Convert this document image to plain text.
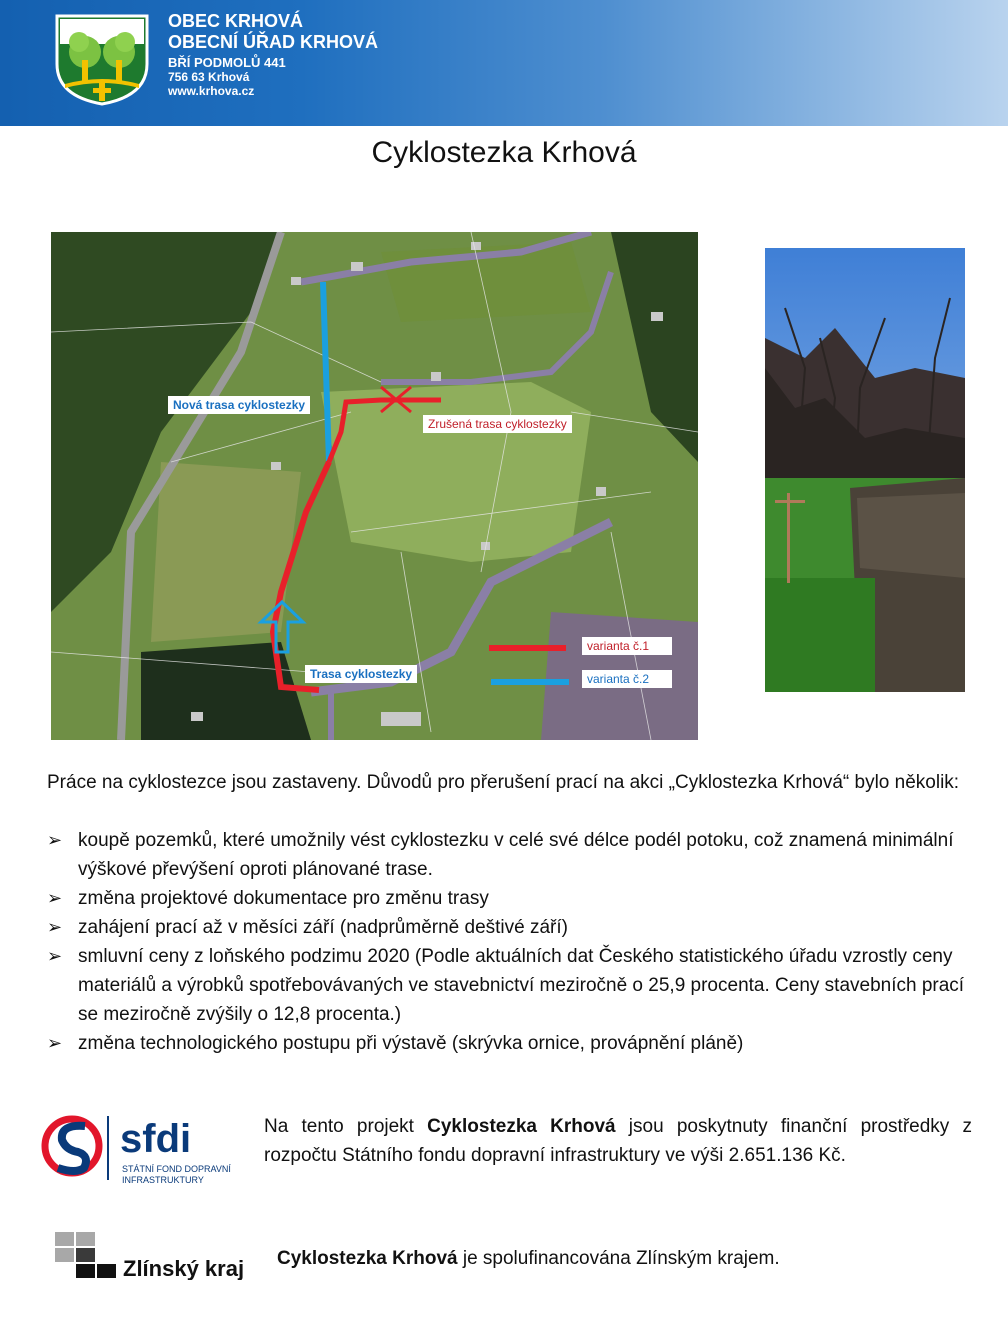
OBEC KRHOVÁ
OBECNÍ ÚŘAD KRHOVÁ
BŘÍ PODMOLŮ 441
756 63 Krhová
www.krhova.cz
Cyklostezka Krhová
Nová trasa cyklostezky
Zrušená trasa cyklostezky
Trasa cyklostezky
varianta č.1
varianta č.2
Práce na cyklostezce jsou zastaveny. Důvodů pro přerušení prací na akci „Cyklostezka Krhová“ bylo několik:
➢ koupě pozemků, které umožnily vést cyklostezku v celé své délce podél potoku, což znamená minimální výškové převýšení oproti plánované trase.
➢ změna projektové dokumentace pro změnu trasy
➢ zahájení prací až v měsíci září (nadprůměrně deštivé září)
➢ smluvní ceny z loňského podzimu 2020 (Podle aktuálních dat Českého statistického úřadu vzrostly ceny materiálů a výrobků spotřebovávaných ve stavebnictví meziročně o 25,9 procenta. Ceny stavebních prací se meziročně zvýšily o 12,8 procenta.)
➢ změna technologického postupu při výstavě (skrývka ornice, provápnění pláně)
sfdi
STÁTNÍ FOND DOPRAVNÍ
INFRASTRUKTURY
Na tento projekt Cyklostezka Krhová jsou poskytnuty finanční prostředky z rozpočtu Státního fondu dopravní infrastruktury ve výši 2.651.136 Kč.
Zlínský kraj Cyklostezka Krhová je spolufinancována Zlínským krajem.
